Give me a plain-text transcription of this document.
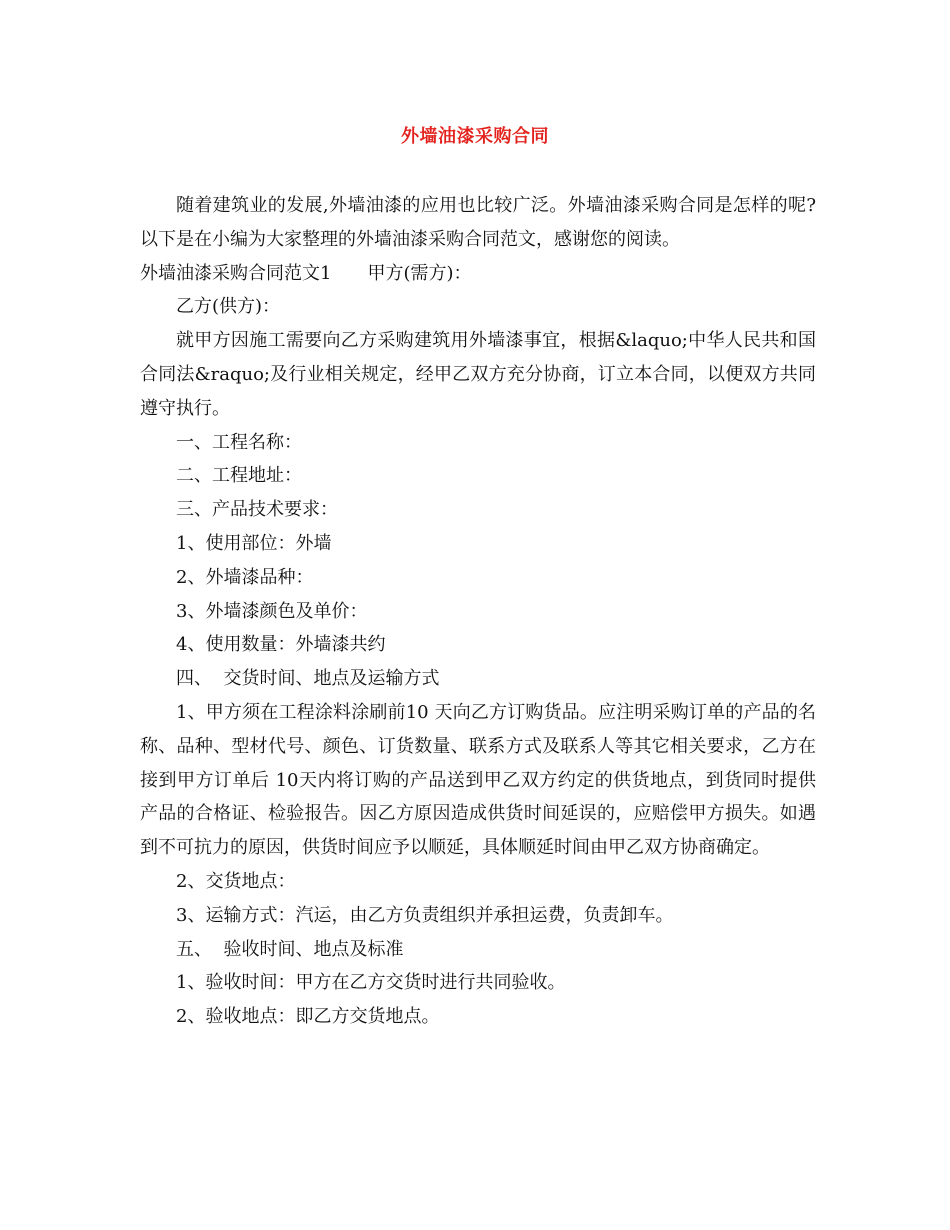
外墙油漆采购合同

随着建筑业的发展,外墙油漆的应用也比较广泛。外墙油漆采购合同是怎样的呢?以下是在小编为大家整理的外墙油漆采购合同范文，感谢您的阅读。

外墙油漆采购合同范文1 甲方(需方)：

乙方(供方)：

就甲方因施工需要向乙方采购建筑用外墙漆事宜，根据&laquo;中华人民共和国合同法&raquo;及行业相关规定，经甲乙双方充分协商，订立本合同，以便双方共同遵守执行。

一、工程名称：

二、工程地址：

三、产品技术要求：

1、使用部位：外墙

2、外墙漆品种：

3、外墙漆颜色及单价：

4、使用数量：外墙漆共约

四、  交货时间、地点及运输方式

1、甲方须在工程涂料涂刷前10 天向乙方订购货品。应注明采购订单的产品的名称、品种、型材代号、颜色、订货数量、联系方式及联系人等其它相关要求，乙方在接到甲方订单后 10天内将订购的产品送到甲乙双方约定的供货地点，到货同时提供产品的合格证、检验报告。因乙方原因造成供货时间延误的，应赔偿甲方损失。如遇到不可抗力的原因，供货时间应予以顺延，具体顺延时间由甲乙双方协商确定。

2、交货地点：

3、运输方式：汽运，由乙方负责组织并承担运费，负责卸车。

五、  验收时间、地点及标准

1、验收时间：甲方在乙方交货时进行共同验收。

2、验收地点：即乙方交货地点。
